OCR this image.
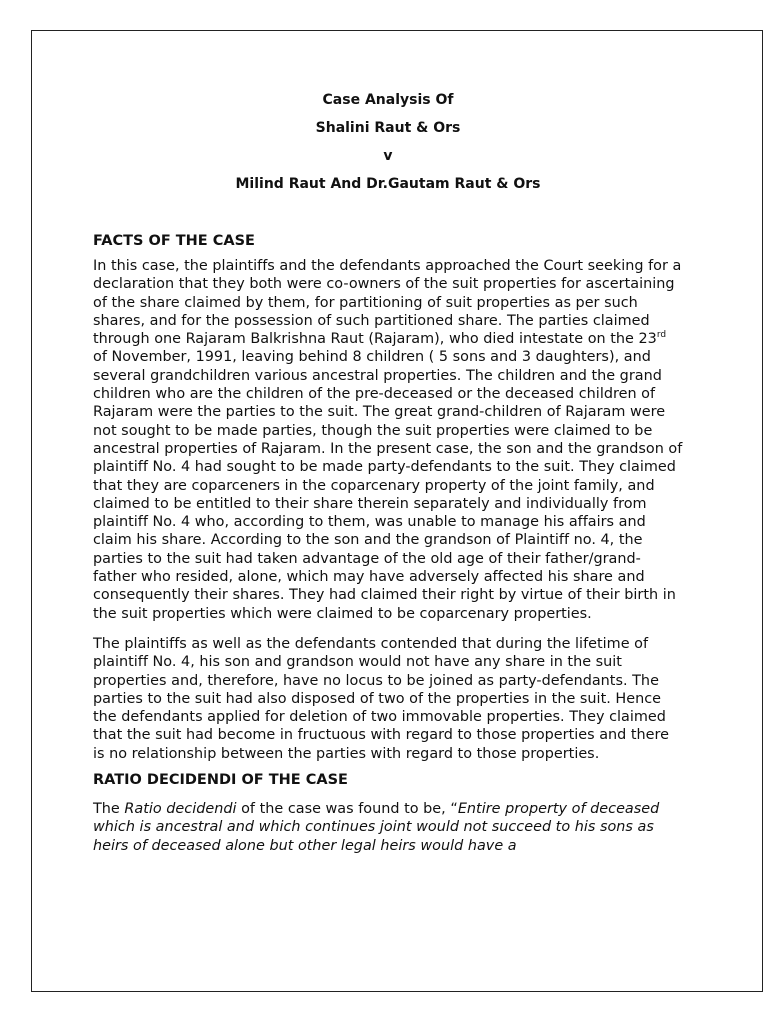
Case Analysis Of
Shalini Raut & Ors
v
Milind Raut And Dr.Gautam Raut & Ors
FACTS OF THE CASE

In this case, the plaintiffs and the defendants approached the Court seeking for a declaration that they both were co-owners of the suit properties for ascertaining of the share claimed by them, for partitioning of suit properties as per such shares, and for the possession of such partitioned share. The parties claimed through one Rajaram Balkrishna Raut (Rajaram), who died intestate on the 23rd of November, 1991, leaving behind 8 children ( 5 sons and 3 daughters), and several grandchildren various ancestral properties. The children and the grand children who are the children of the pre-deceased or the deceased children of Rajaram were the parties to the suit. The great grand-children of Rajaram were not sought to be made parties, though the suit properties were claimed to be ancestral properties of Rajaram. In the present case, the son and the grandson of plaintiff No. 4 had sought to be made party-defendants to the suit. They claimed that they are coparceners in the coparcenary property of the joint family, and claimed to be entitled to their share therein separately and individually from plaintiff No. 4 who, according to them, was unable to manage his affairs and claim his share. According to the son and the grandson of Plaintiff no. 4, the parties to the suit had taken advantage of the old age of their father/grand-father who resided, alone, which may have adversely affected his share and consequently their shares. They had claimed their right by virtue of their birth in the suit properties which were claimed to be coparcenary properties.

The plaintiffs as well as the defendants contended that during the lifetime of plaintiff No. 4, his son and grandson would not have any share in the suit properties and, therefore, have no locus to be joined as party-defendants. The parties to the suit had also disposed of two of the properties in the suit. Hence the defendants applied for deletion of two immovable properties. They claimed that the suit had become in fructuous with regard to those properties and there is no relationship between the parties with regard to those properties.

RATIO DECIDENDI OF THE CASE

The Ratio decidendi of the case was found to be, “Entire property of deceased which is ancestral and which continues joint would not succeed to his sons as heirs of deceased alone but other legal heirs would have a
